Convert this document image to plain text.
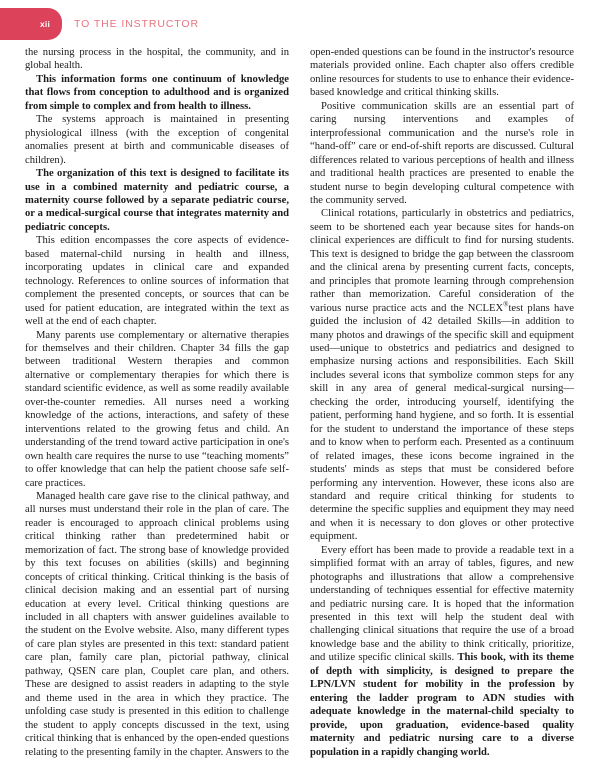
xii TO THE INSTRUCTOR

the nursing process in the hospital, the community, and in global health.

This information forms one continuum of knowledge that flows from conception to adulthood and is organized from simple to complex and from health to illness.

The systems approach is maintained in presenting physiological illness (with the exception of congenital anomalies present at birth and communicable diseases of children).

The organization of this text is designed to facilitate its use in a combined maternity and pediatric course, a maternity course followed by a separate pediatric course, or a medical-surgical course that integrates maternity and pediatric concepts.

This edition encompasses the core aspects of evidence-based maternal-child nursing in health and illness, incorporating updates in clinical care and expanded technology. References to online sources of information that complement the presented concepts, or sources that can be used for patient education, are integrated within the text as well at the end of each chapter.

Many parents use complementary or alternative therapies for themselves and their children. Chapter 34 fills the gap between traditional Western therapies and common alternative or complementary therapies for which there is standard scientific evidence, as well as some readily available over-the-counter remedies. All nurses need a working knowledge of the actions, interactions, and safety of these interventions related to the growing fetus and child. An understanding of the trend toward active participation in one's own health care requires the nurse to use “teaching moments” to offer knowledge that can help the patient choose safe self-care practices.

Managed health care gave rise to the clinical pathway, and all nurses must understand their role in the plan of care. The reader is encouraged to approach clinical problems using critical thinking rather than predetermined habit or memorization of fact. The strong base of knowledge provided by this text focuses on abilities (skills) and beginning concepts of critical thinking. Critical thinking is the basis of clinical decision making and an essential part of nursing education at every level. Critical thinking questions are included in all chapters with answer guidelines available to the student on the Evolve website. Also, many different types of care plan styles are presented in this text: standard patient care plan, family care plan, pictorial pathway, clinical pathway, QSEN care plan, Couplet care plan, and others. These are designed to assist readers in adapting to the style and theme used in the area in which they practice. The unfolding case study is presented in this edition to challenge the student to apply concepts discussed in the text, using critical thinking that is enhanced by the open-ended questions relating to the presenting family in the chapter. Answers to the

open-ended questions can be found in the instructor's resource materials provided online. Each chapter also offers credible online resources for students to use to enhance their evidence-based knowledge and critical thinking skills.

Positive communication skills are an essential part of caring nursing interventions and examples of interprofessional communication and the nurse's role in “hand-off” care or end-of-shift reports are discussed. Cultural differences related to various perceptions of health and illness and traditional health practices are presented to enable the student nurse to begin developing cultural competence with the community served.

Clinical rotations, particularly in obstetrics and pediatrics, seem to be shortened each year because sites for hands-on clinical experiences are difficult to find for nursing students. This text is designed to bridge the gap between the classroom and the clinical arena by presenting current facts, concepts, and principles that promote learning through comprehension rather than memorization. Careful consideration of the various nurse practice acts and the NCLEX®test plans have guided the inclusion of 42 detailed Skills—in addition to many photos and drawings of the specific skill and equipment used—unique to obstetrics and pediatrics and designed to emphasize nursing actions and responsibilities. Each Skill includes several icons that symbolize common steps for any skill in any area of general medical-surgical nursing—checking the order, introducing yourself, identifying the patient, performing hand hygiene, and so forth. It is essential for the student to understand the importance of these steps and to know when to perform each. Presented as a continuum of related images, these icons become ingrained in the students' minds as steps that must be considered before performing any intervention. However, these icons also are standard and require critical thinking for students to determine the specific supplies and equipment they may need and when it is necessary to don gloves or other protective equipment.

Every effort has been made to provide a readable text in a simplified format with an array of tables, figures, and new photographs and illustrations that allow a comprehensive understanding of techniques essential for effective maternity and pediatric nursing care. It is hoped that the information presented in this text will help the student deal with challenging clinical situations that require the use of a broad knowledge base and the ability to think critically, prioritize, and utilize specific clinical skills. This book, with its theme of depth with simplicity, is designed to prepare the LPN/LVN student for mobility in the profession by entering the ladder program to ADN studies with adequate knowledge in the maternal-child specialty to provide, upon graduation, evidence-based quality maternity and pediatric nursing care to a diverse population in a rapidly changing world.
